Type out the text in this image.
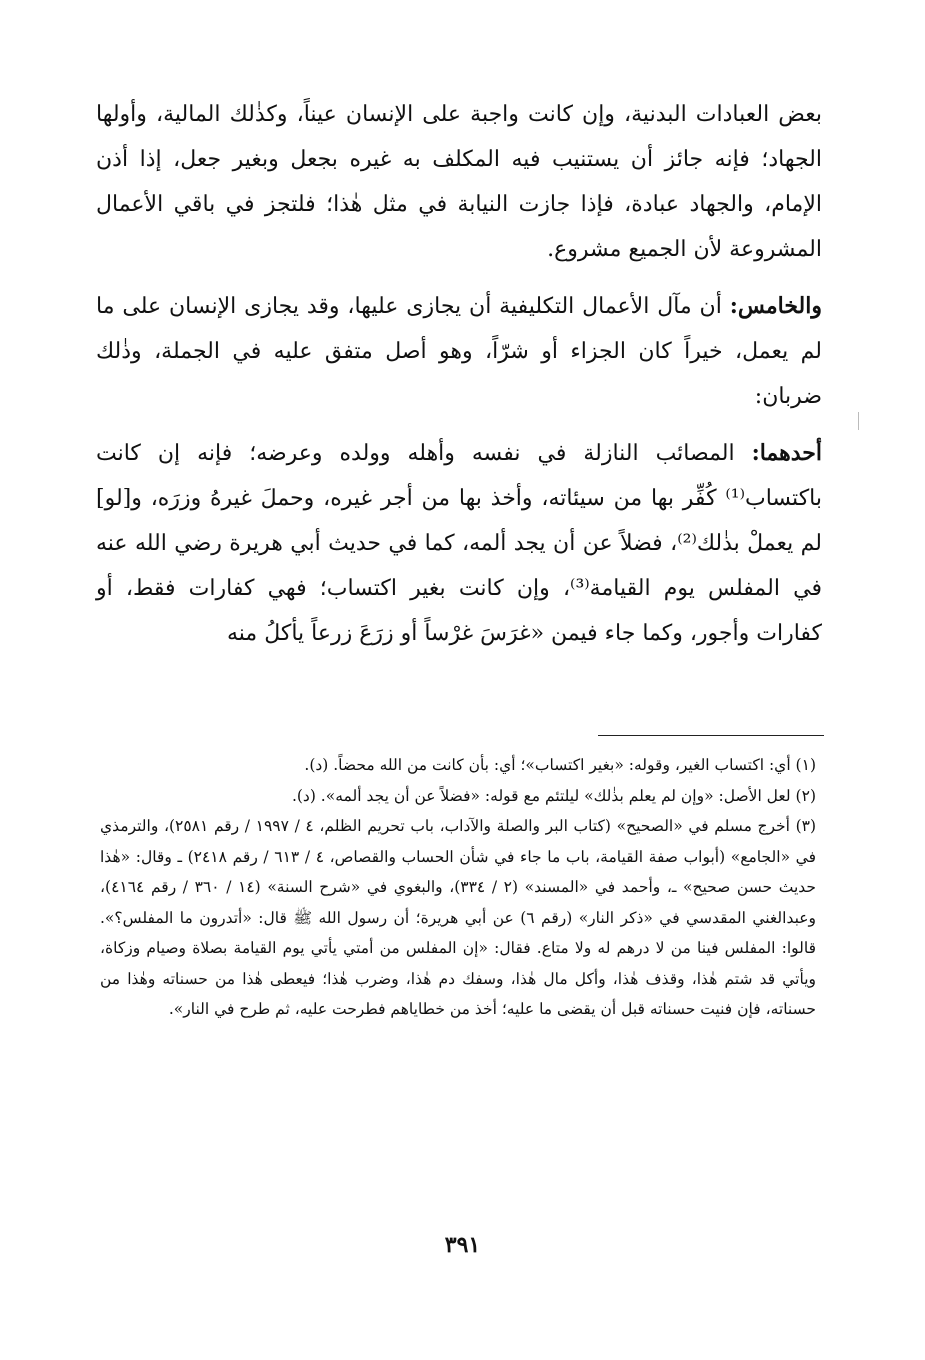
بعض العبادات البدنية، وإن كانت واجبة على الإنسان عيناً، وكذٰلك المالية، وأولها الجهاد؛ فإنه جائز أن يستنيب فيه المكلف به غيره بجعل وبغير جعل، إذا أذن الإمام، والجهاد عبادة، فإذا جازت النيابة في مثل هٰذا؛ فلتجز في باقي الأعمال المشروعة لأن الجميع مشروع.

والخامس: أن مآل الأعمال التكليفية أن يجازى عليها، وقد يجازى الإنسان على ما لم يعمل، خيراً كان الجزاء أو شرّاً، وهو أصل متفق عليه في الجملة، وذٰلك ضربان:

أحدهما: المصائب النازلة في نفسه وأهله وولده وعرضه؛ فإنه إن كانت باكتساب⁽¹⁾ كُفِّر بها من سيئاته، وأخذ بها من أجر غيره، وحملَ غيرهُ وزرَه، و[لو] لم يعملْ بذٰلك⁽²⁾، فضلاً عن أن يجد ألمه، كما في حديث أبي هريرة رضي الله عنه في المفلس يوم القيامة⁽³⁾، وإن كانت بغير اكتساب؛ فهي كفارات فقط، أو كفارات وأجور، وكما جاء فيمن «غرَسَ غرْساً أو زرَعَ زرعاً يأكلُ منه

(١) أي: اكتساب الغير، وقوله: «بغير اكتساب»؛ أي: بأن كانت من الله محضاً. (د).

(٢) لعل الأصل: «وإن لم يعلم بذٰلك» ليلتئم مع قوله: «فضلاً عن أن يجد ألمه». (د).

(٣) أخرج مسلم في «الصحيح» (كتاب البر والصلة والآداب، باب تحريم الظلم، ٤ / ١٩٩٧ / رقم ٢٥٨١)، والترمذي في «الجامع» (أبواب صفة القيامة، باب ما جاء في شأن الحساب والقصاص، ٤ / ٦١٣ / رقم ٢٤١٨) ـ وقال: «هٰذا حديث حسن صحيح» ـ، وأحمد في «المسند» (٢ / ٣٣٤)، والبغوي في «شرح السنة» (١٤ / ٣٦٠ / رقم ٤١٦٤)، وعبدالغني المقدسي في «ذكر النار» (رقم ٦) عن أبي هريرة؛ أن رسول الله ﷺ قال: «أتدرون ما المفلس؟». قالوا: المفلس فينا من لا درهم له ولا متاع. فقال: «إن المفلس من أمتي يأتي يوم القيامة بصلاة وصيام وزكاة، ويأتي قد شتم هٰذا، وقذف هٰذا، وأكل مال هٰذا، وسفك دم هٰذا، وضرب هٰذا؛ فيعطى هٰذا من حسناته وهٰذا من حسناته، فإن فنيت حسناته قبل أن يقضى ما عليه؛ أخذ من خطاياهم فطرحت عليه، ثم طرح في النار».

٣٩١
